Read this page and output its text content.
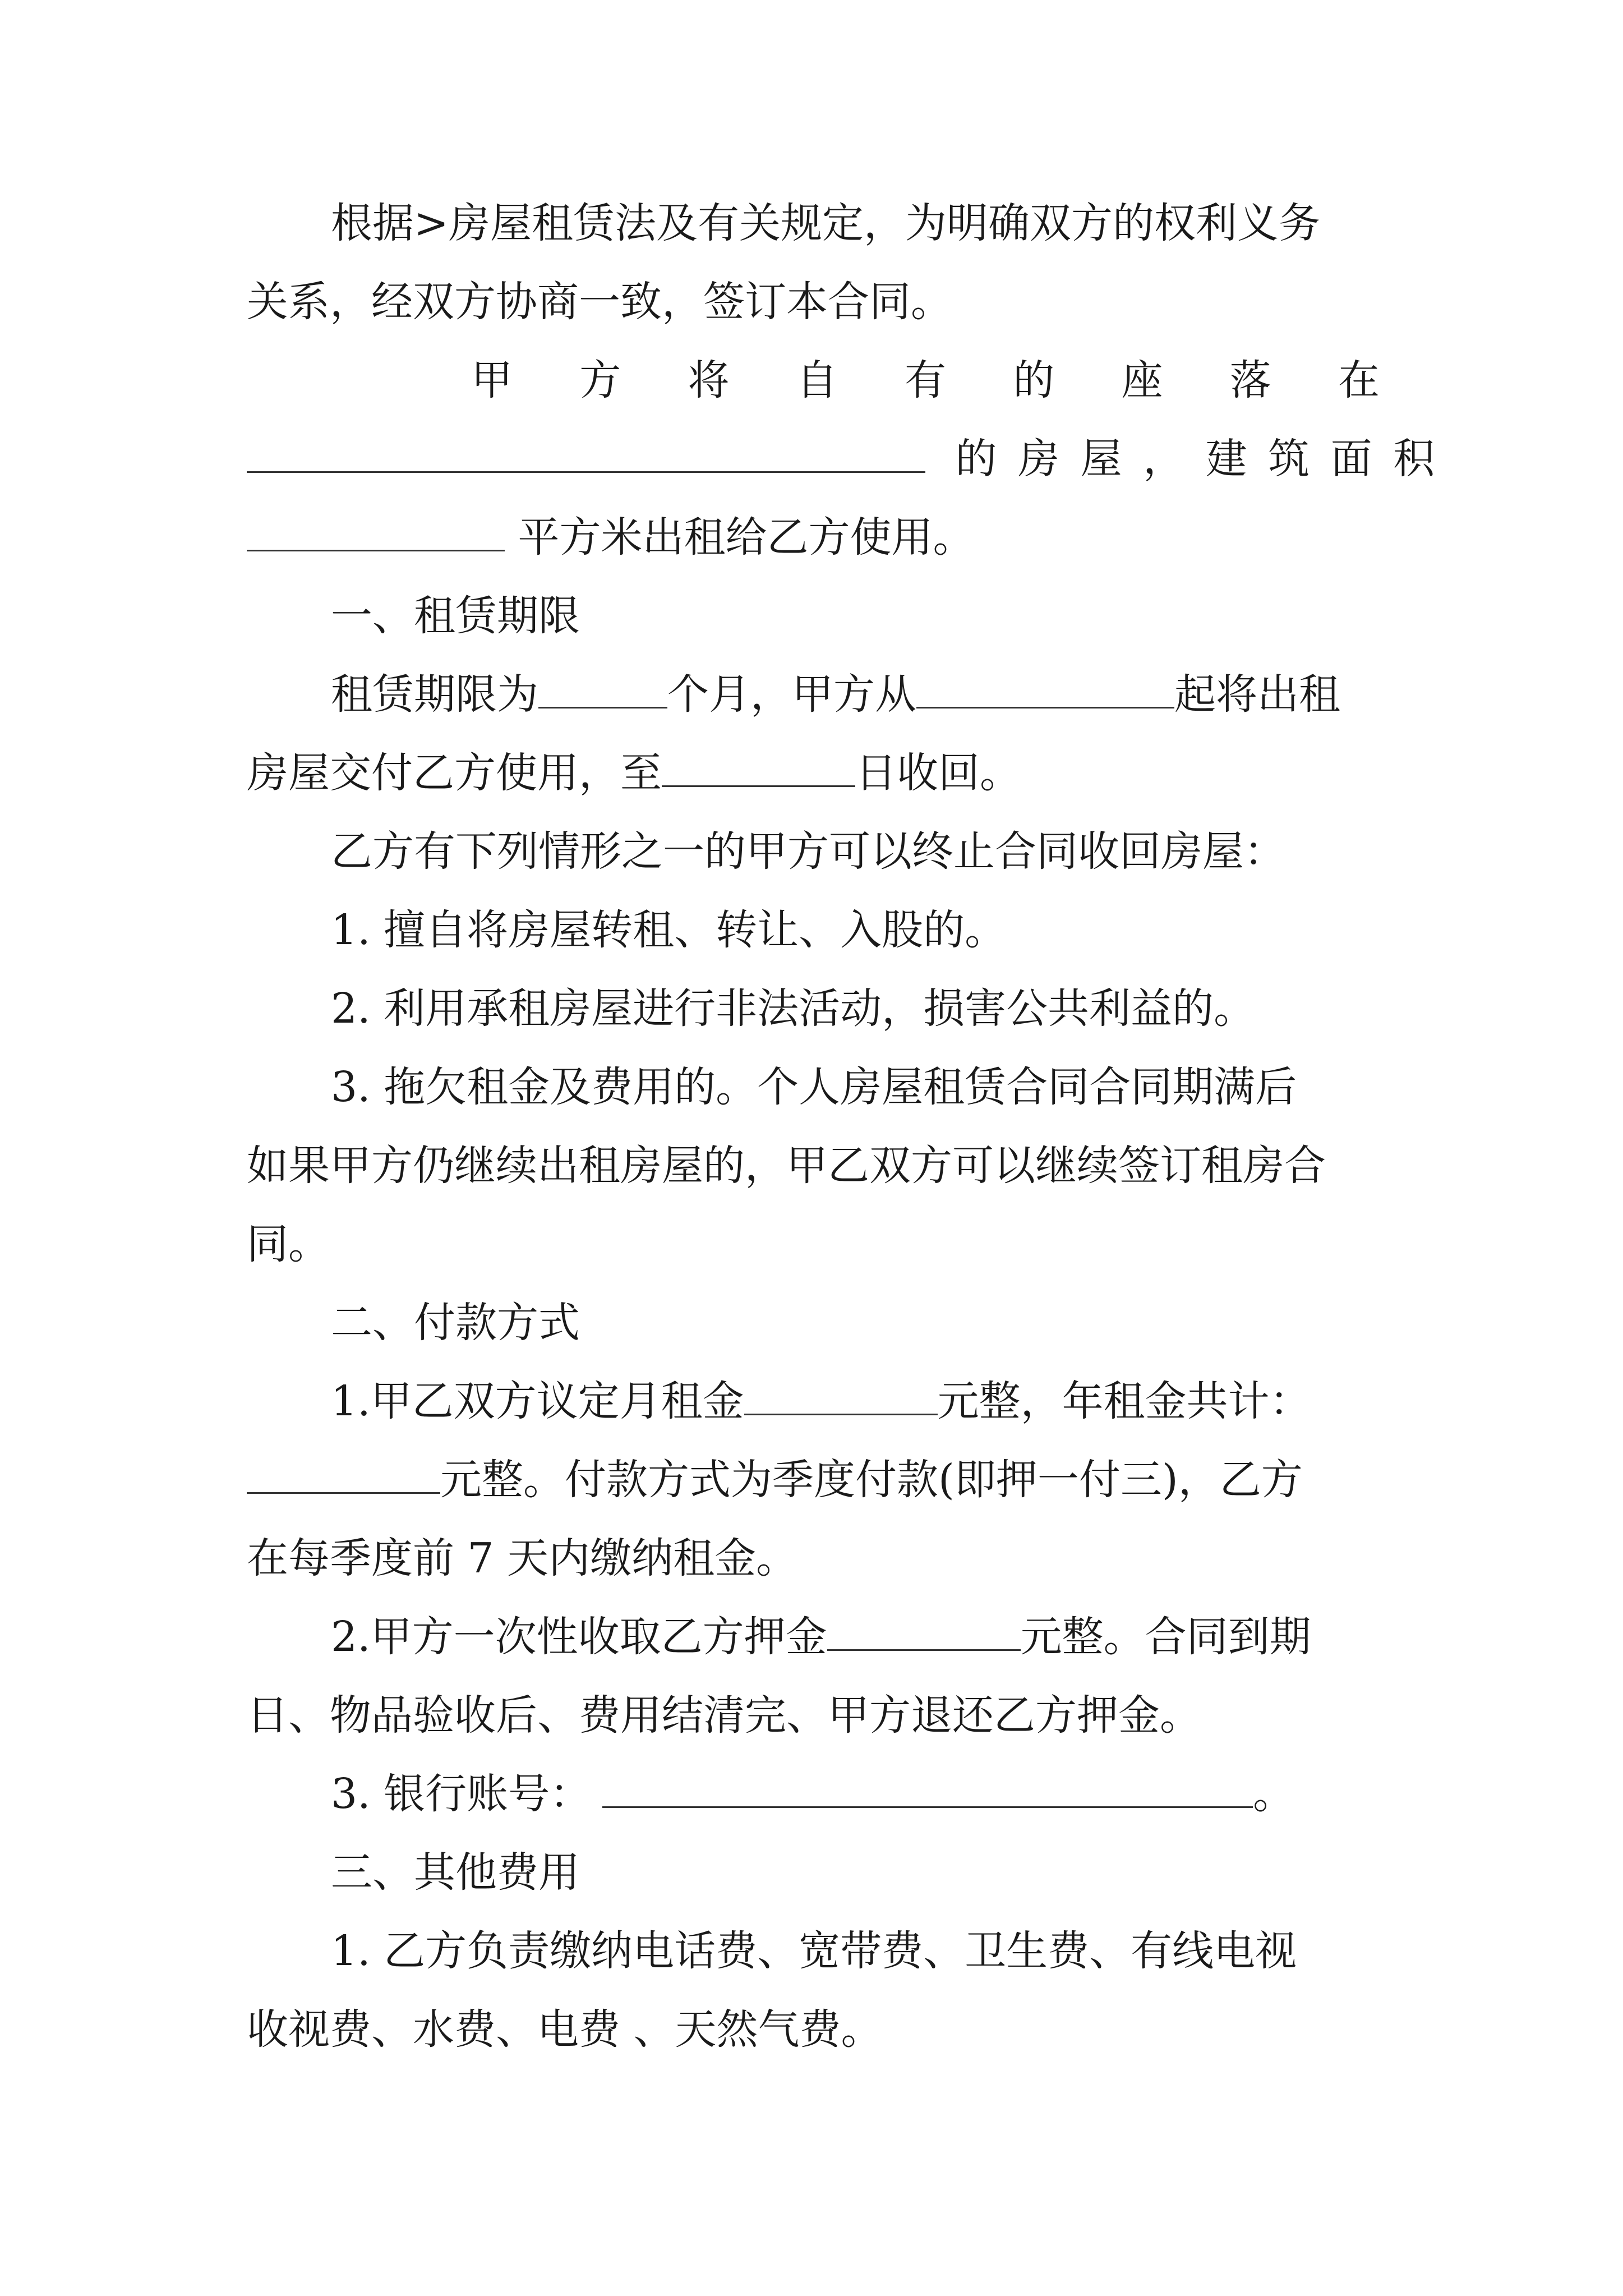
根据>房屋租赁法及有关规定，为明确双方的权利义务
关系，经双方协商一致，签订本合同。
甲 方 将 自 有 的 座 落 在
的 房 屋 ， 建 筑 面 积
平方米出租给乙方使用。
一、租赁期限
租赁期限为	个月，甲方从	起将出租
房屋交付乙方使用，至	日收回。
乙方有下列情形之一的甲方可以终止合同收回房屋：
1. 擅自将房屋转租、转让、入股的。
2. 利用承租房屋进行非法活动，损害公共利益的。
3. 拖欠租金及费用的。个人房屋租赁合同合同期满后
如果甲方仍继续出租房屋的，甲乙双方可以继续签订租房合
同。
二、付款方式
1.甲乙双方议定月租金	元整，年租金共计：
元整。付款方式为季度付款(即押一付三)，乙方
在每季度前 7 天内缴纳租金。
2.甲方一次性收取乙方押金	元整。合同到期
日、物品验收后、费用结清完、甲方退还乙方押金。
3. 银行账号：	。
三、其他费用
1. 乙方负责缴纳电话费、宽带费、卫生费、有线电视
收视费、水费、电费 、天然气费。
